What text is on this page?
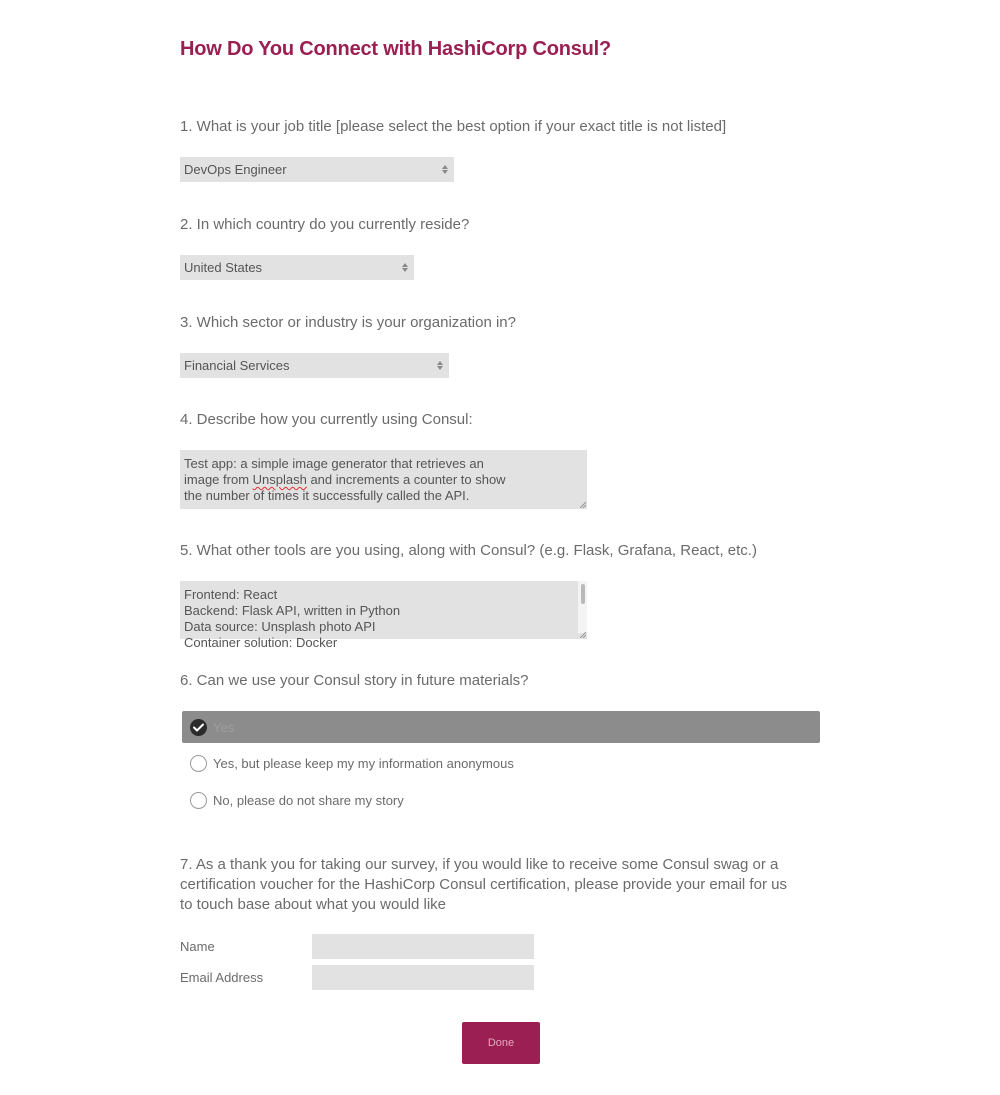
How Do You Connect with HashiCorp Consul?
1. What is your job title [please select the best option if your exact title is not listed]
DevOps Engineer
2. In which country do you currently reside?
United States
3. Which sector or industry is your organization in?
Financial Services
4. Describe how you currently using Consul:
Test app: a simple image generator that retrieves an
image from Unsplash and increments a counter to show
the number of times it successfully called the API.
5. What other tools are you using, along with Consul? (e.g. Flask, Grafana, React, etc.)
Frontend: React
Backend: Flask API, written in Python
Data source: Unsplash photo API
Container solution: Docker
6. Can we use your Consul story in future materials?
Yes
Yes, but please keep my my information anonymous
No, please do not share my story
7. As a thank you for taking our survey, if you would like to receive some Consul swag or a
certification voucher for the HashiCorp Consul certification, please provide your email for us
to touch base about what you would like
Name
Email Address
Done
